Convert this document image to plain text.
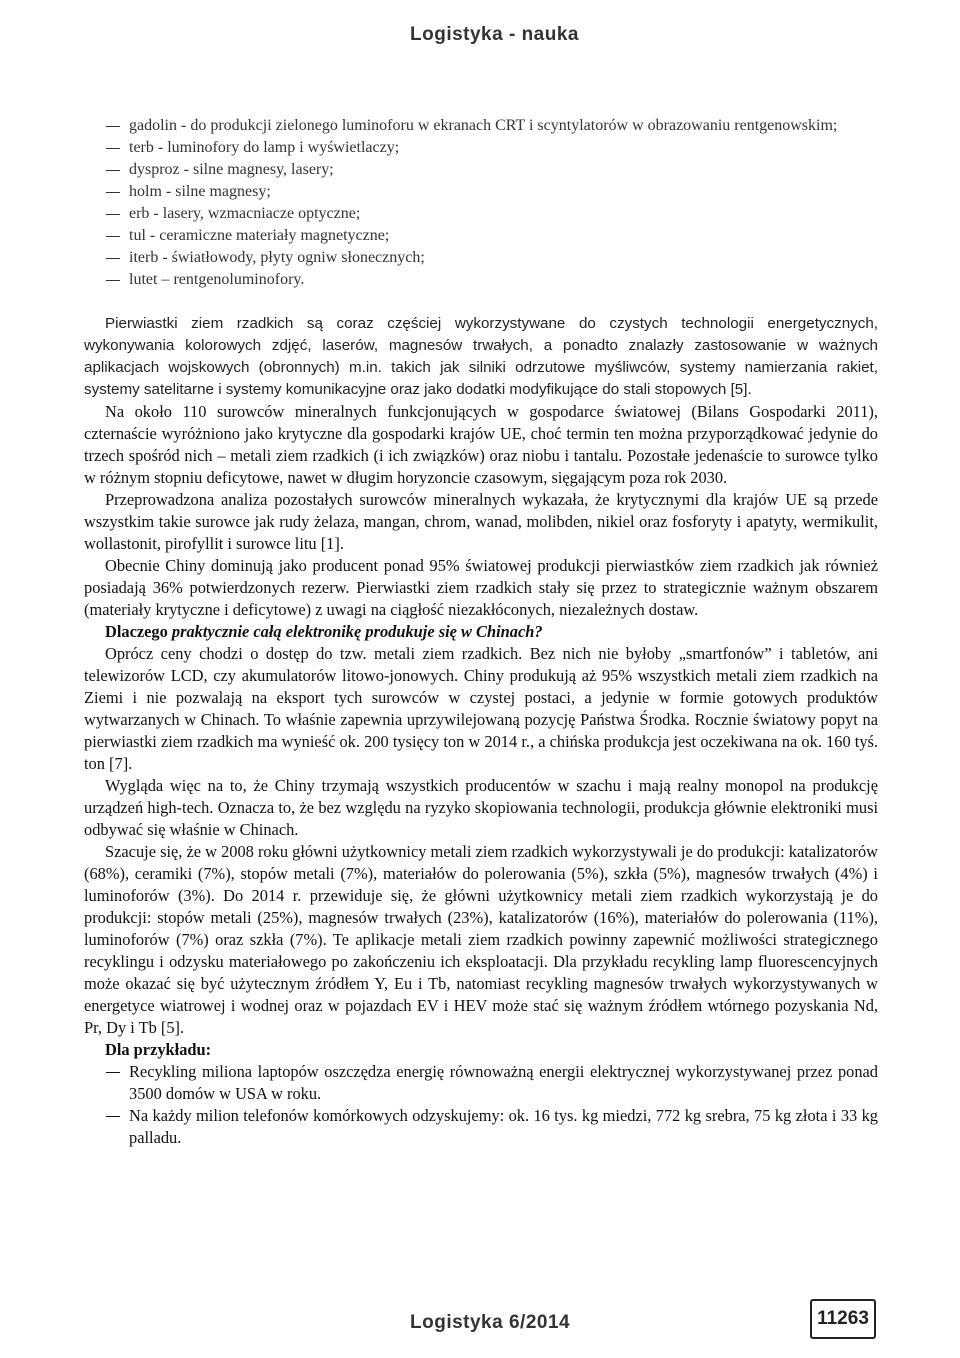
Logistyka - nauka
gadolin - do produkcji zielonego luminoforu w ekranach CRT i scyntylatorów w obrazowaniu rentgenowskim;
terb - luminofory do lamp i wyświetlaczy;
dysproz - silne magnesy, lasery;
holm - silne magnesy;
erb - lasery, wzmacniacze optyczne;
tul - ceramiczne materiały magnetyczne;
iterb - światłowody, płyty ogniw słonecznych;
lutet – rentgenoluminofory.

Pierwiastki ziem rzadkich są coraz częściej wykorzystywane do czystych technologii energetycznych, wykonywania kolorowych zdjęć, laserów, magnesów trwałych, a ponadto znalazły zastosowanie w ważnych aplikacjach wojskowych (obronnych) m.in. takich jak silniki odrzutowe myśliwców, systemy namierzania rakiet, systemy satelitarne i systemy komunikacyjne oraz jako dodatki modyfikujące do stali stopowych [5].

Na około 110 surowców mineralnych funkcjonujących w gospodarce światowej (Bilans Gospodarki 2011), czternaście wyróżniono jako krytyczne dla gospodarki krajów UE, choć termin ten można przyporządkować jedynie do trzech spośród nich – metali ziem rzadkich (i ich związków) oraz niobu i tantalu. Pozostałe jedenaście to surowce tylko w różnym stopniu deficytowe, nawet w długim horyzoncie czasowym, sięgającym poza rok 2030.

Przeprowadzona analiza pozostałych surowców mineralnych wykazała, że krytycznymi dla krajów UE są przede wszystkim takie surowce jak rudy żelaza, mangan, chrom, wanad, molibden, nikiel oraz fosforyty i apatyty, wermikulit, wollastonit, pirofyllit i surowce litu [1].

Obecnie Chiny dominują jako producent ponad 95% światowej produkcji pierwiastków ziem rzadkich jak również posiadają 36% potwierdzonych rezerw. Pierwiastki ziem rzadkich stały się przez to strategicznie ważnym obszarem (materiały krytyczne i deficytowe) z uwagi na ciągłość niezakłóconych, niezależnych dostaw.

Dlaczego praktycznie całą elektronikę produkuje się w Chinach?

Oprócz ceny chodzi o dostęp do tzw. metali ziem rzadkich. Bez nich nie byłoby „smartfonów” i tabletów, ani telewizorów LCD, czy akumulatorów litowo-jonowych. Chiny produkują aż 95% wszystkich metali ziem rzadkich na Ziemi i nie pozwalają na eksport tych surowców w czystej postaci, a jedynie w formie gotowych produktów wytwarzanych w Chinach. To właśnie zapewnia uprzywilejowaną pozycję Państwa Środka. Rocznie światowy popyt na pierwiastki ziem rzadkich ma wynieść ok. 200 tysięcy ton w 2014 r., a chińska produkcja jest oczekiwana na ok. 160 tyś. ton [7].

Wygląda więc na to, że Chiny trzymają wszystkich producentów w szachu i mają realny monopol na produkcję urządzeń high-tech. Oznacza to, że bez względu na ryzyko skopiowania technologii, produkcja głównie elektroniki musi odbywać się właśnie w Chinach.

Szacuje się, że w 2008 roku główni użytkownicy metali ziem rzadkich wykorzystywali je do produkcji: katalizatorów (68%), ceramiki (7%), stopów metali (7%), materiałów do polerowania (5%), szkła (5%), magnesów trwałych (4%) i luminoforów (3%). Do 2014 r. przewiduje się, że główni użytkownicy metali ziem rzadkich wykorzystają je do produkcji: stopów metali (25%), magnesów trwałych (23%), katalizatorów (16%), materiałów do polerowania (11%), luminoforów (7%) oraz szkła (7%). Te aplikacje metali ziem rzadkich powinny zapewnić możliwości strategicznego recyklingu i odzysku materiałowego po zakończeniu ich eksploatacji. Dla przykładu recykling lamp fluorescencyjnych może okazać się być użytecznym źródłem Y, Eu i Tb, natomiast recykling magnesów trwałych wykorzystywanych w energetyce wiatrowej i wodnej oraz w pojazdach EV i HEV może stać się ważnym źródłem wtórnego pozyskania Nd, Pr, Dy i Tb [5].

Dla przykładu:

Recykling miliona laptopów oszczędza energię równoważną energii elektrycznej wykorzystywanej przez ponad 3500 domów w USA w roku.
Na każdy milion telefonów komórkowych odzyskujemy: ok. 16 tys. kg miedzi, 772 kg srebra, 75 kg złota i 33 kg palladu.
Logistyka 6/2014	11263
